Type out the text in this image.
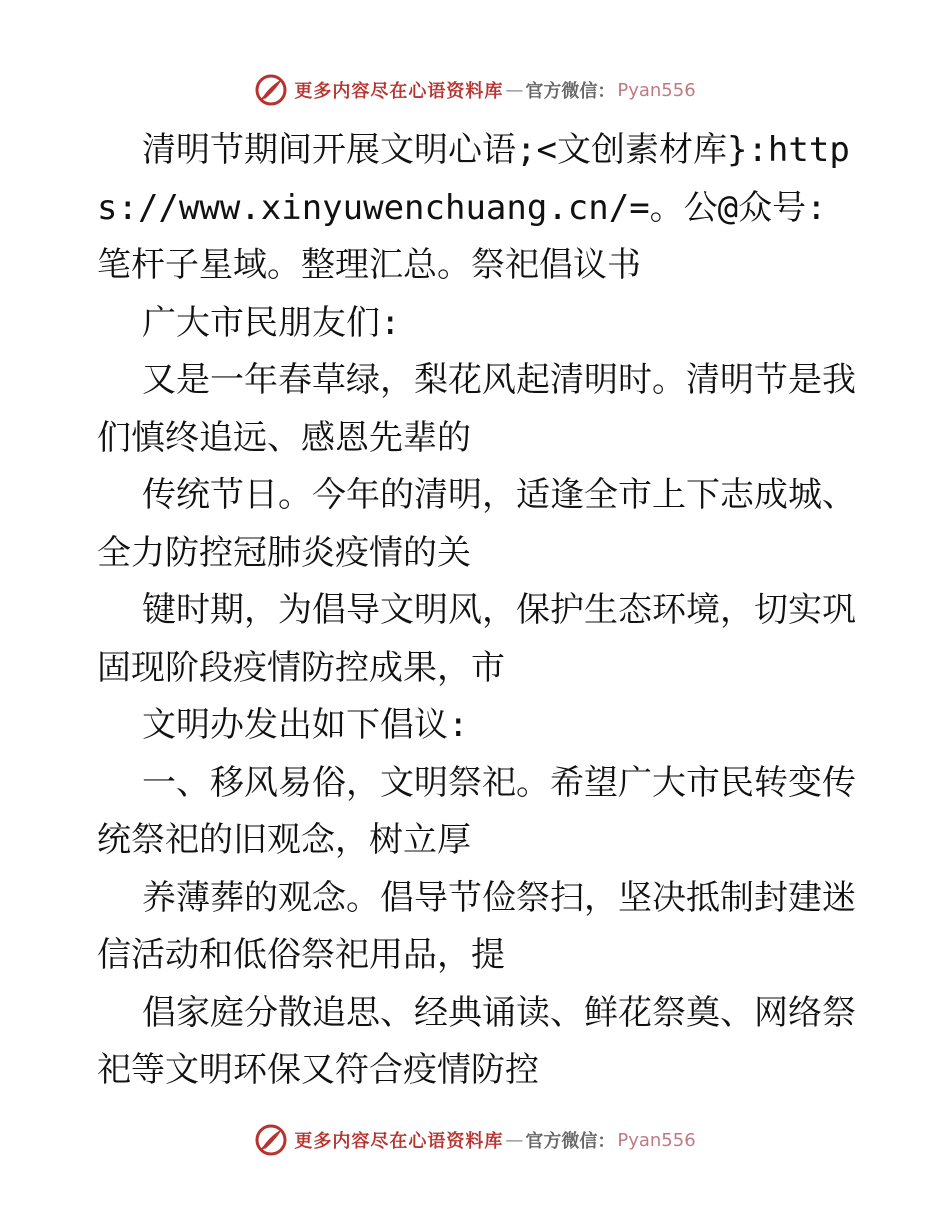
更多内容尽在心语资料库 — 官方微信： Pyan556

清明节期间开展文明心语;<文创素材库}:https://www.xinyuwenchuang.cn/=。公@众号: 笔杆子星域。整理汇总。祭祀倡议书

广大市民朋友们:

又是一年春草绿，梨花风起清明时。清明节是我们慎终追远、感恩先辈的

传统节日。今年的清明，适逢全市上下志成城、全力防控冠肺炎疫情的关

键时期，为倡导文明风，保护生态环境，切实巩固现阶段疫情防控成果，市

文明办发出如下倡议:

一、移风易俗，文明祭祀。希望广大市民转变传统祭祀的旧观念，树立厚

养薄葬的观念。倡导节俭祭扫，坚决抵制封建迷信活动和低俗祭祀用品，提

倡家庭分散追思、经典诵读、鲜花祭奠、网络祭祀等文明环保又符合疫情防控

更多内容尽在心语资料库 — 官方微信： Pyan556
